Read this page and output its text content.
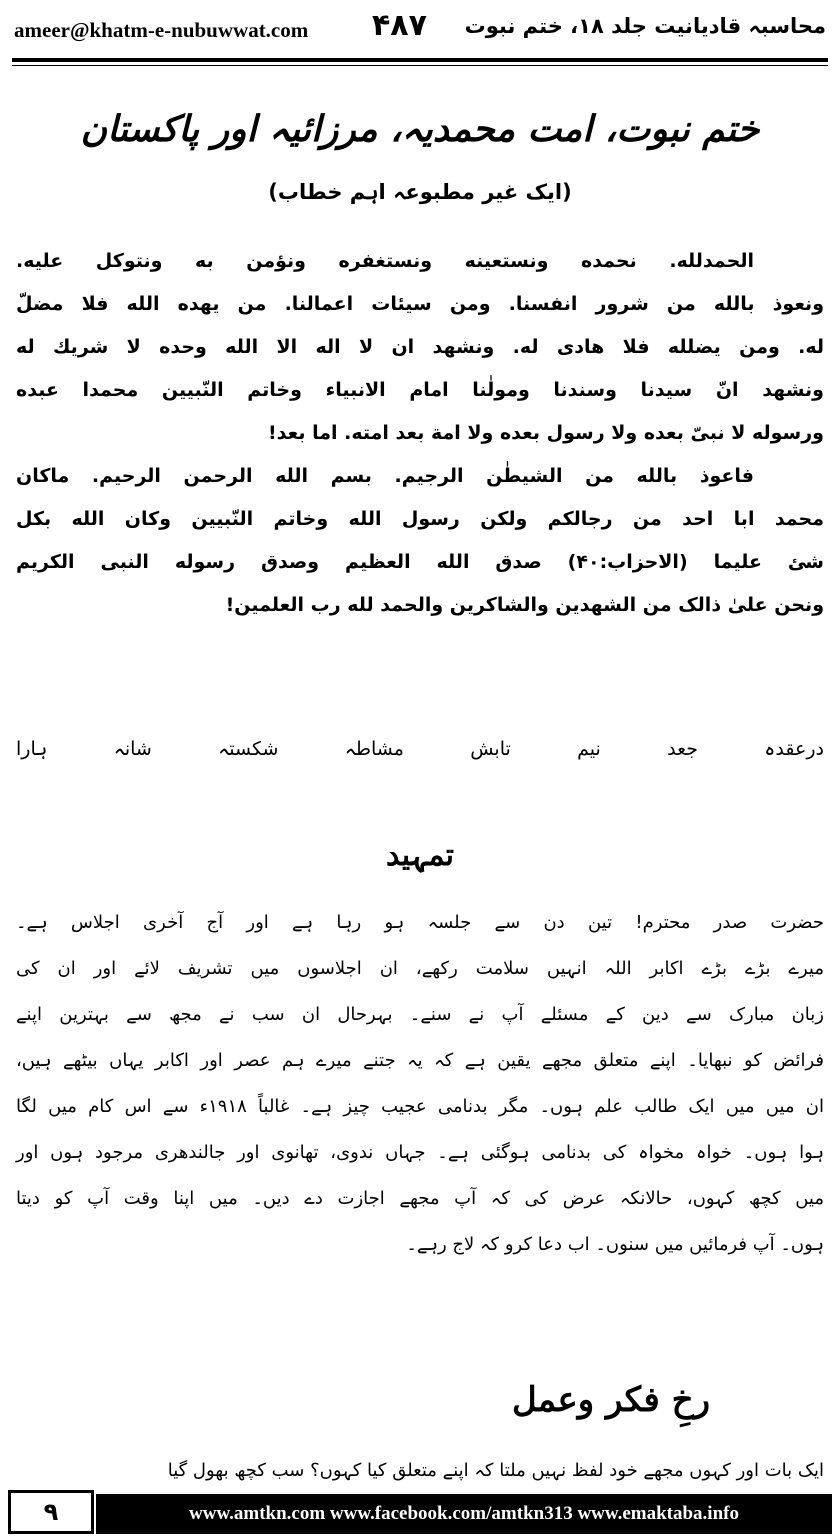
ameer@khatm-e-nubuwwat.com ۴۸۷ محاسبہ قادیانیت جلد ۱۸، ختم نبوت
ختم نبوت، امت محمدیہ، مرزائیہ اور پاکستان
(ایک غیر مطبوعہ اہم خطاب)

الحمدلله. نحمده ونستعينه ونستغفره ونؤمن به ونتوكل عليه.

ونعوذ بالله من شرور انفسنا. ومن سيئات اعمالنا. من يهده الله فلا مضلّ

له. ومن يضلله فلا هادى له. ونشهد ان لا اله الا الله وحده لا شريك له

ونشهد انّ سيدنا وسندنا ومولٰنا امام الانبياء وخاتم النّبيين محمدا عبده

ورسوله لا نبىّ بعده ولا رسول بعده ولا امة بعد امته. اما بعد!

فاعوذ بالله من الشيطٰن الرجيم. بسم الله الرحمن الرحيم. ماكان

محمد ابا احد من رجالكم ولكن رسول الله وخاتم النّبيين وكان الله بكل

شئ عليما (الاحزاب:۴۰) صدق الله العظيم وصدق رسوله النبى الكريم

ونحن علىٰ ذالک من الشهدين والشاكرين والحمد لله رب العلمين!

درعقدہ
جعد
نیم
تابش
مشاطہ
شکستہ
شانہ
ہارا
تمہید

حضرت صدر محترم! تین دن سے جلسہ ہو رہا ہے اور آج آخری اجلاس ہے۔

میرے بڑے بڑے اکابر اللہ انہیں سلامت رکھے، ان اجلاسوں میں تشریف لائے اور ان کی

زبان مبارک سے دین کے مسئلے آپ نے سنے۔ بہرحال ان سب نے مجھ سے بہترین اپنے

فرائض کو نبھایا۔ اپنے متعلق مجھے یقین ہے کہ یہ جتنے میرے ہم عصر اور اکابر یہاں بیٹھے ہیں،

ان میں میں ایک طالب علم ہوں۔ مگر بدنامی عجیب چیز ہے۔ غالباً ۱۹۱۸ء سے اس کام میں لگا

ہوا ہوں۔ خواہ مخواہ کی بدنامی ہوگئی ہے۔ جہاں ندوی، تھانوی اور جالندھری مرجود ہوں اور

میں کچھ کہوں، حالانکہ عرض کی کہ آپ مجھے اجازت دے دیں۔ میں اپنا وقت آپ کو دیتا

ہوں۔ آپ فرمائیں میں سنوں۔ اب دعا کرو کہ لاج رہے۔

رخِ فکر وعمل

ایک بات اور کہوں مجھے خود لفظ نہیں ملتا کہ اپنے متعلق کیا کہوں؟ سب کچھ بھول گیا

۹	www.amtkn.com www.facebook.com/amtkn313 www.emaktaba.info
